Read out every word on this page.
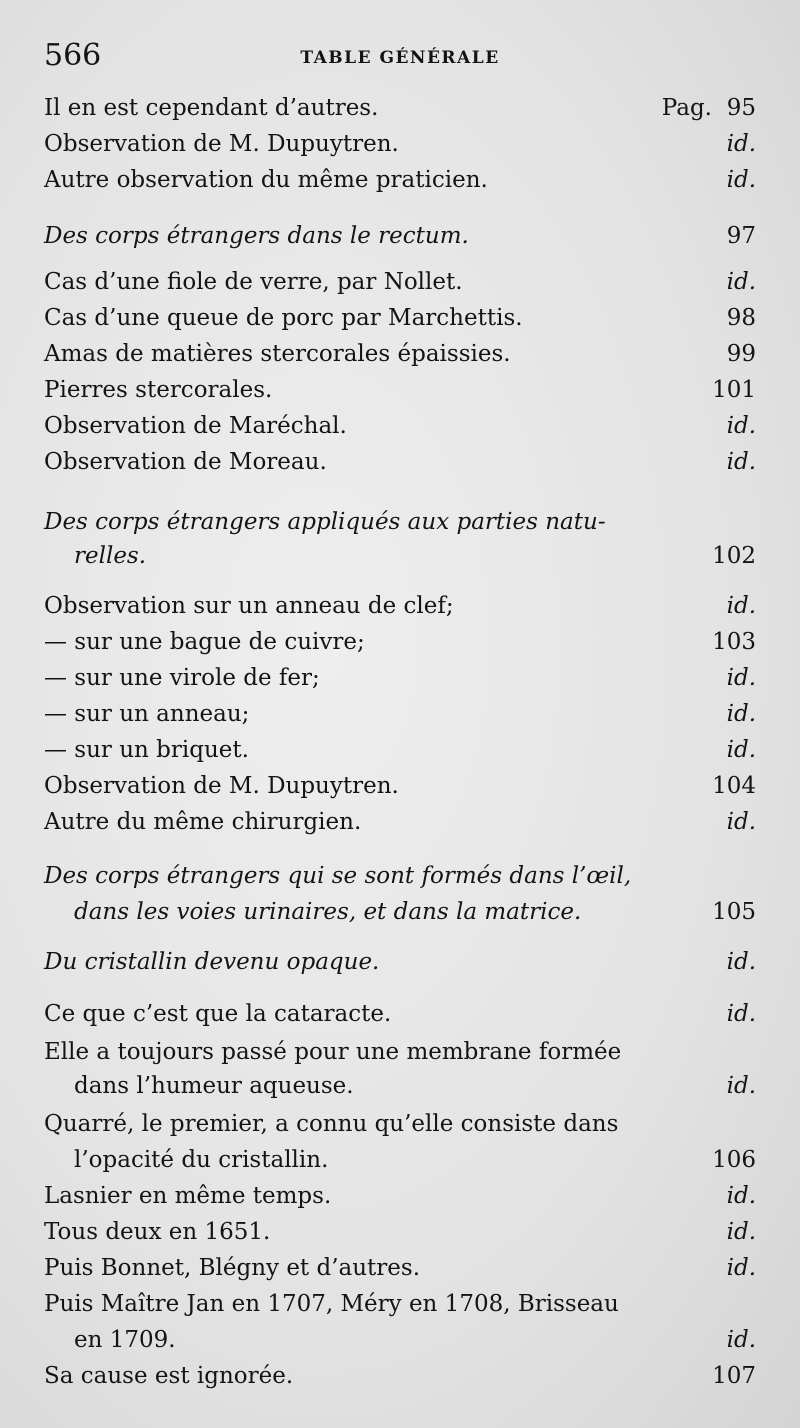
566	TABLE GÉNÉRALE
Il en est cependant d’autres.	Pag. 95
Observation de M. Dupuytren.	id.
Autre observation du même praticien.	id.
Des corps étrangers dans le rectum.	97
Cas d’une fiole de verre, par Nollet.	id.
Cas d’une queue de porc par Marchettis.	98
Amas de matières stercorales épaissies.	99
Pierres stercorales.	101
Observation de Maréchal.	id.
Observation de Moreau.	id.
Des corps étrangers appliqués aux parties natu-
relles.	102
Observation sur un anneau de clef;	id.
— sur une bague de cuivre;	103
— sur une virole de fer;	id.
— sur un anneau;	id.
— sur un briquet.	id.
Observation de M. Dupuytren.	104
Autre du même chirurgien.	id.
Des corps étrangers qui se sont formés dans l’œil,
dans les voies urinaires, et dans la matrice.	105
Du cristallin devenu opaque.	id.
Ce que c’est que la cataracte.	id.
Elle a toujours passé pour une membrane formée
dans l’humeur aqueuse.	id.
Quarré, le premier, a connu qu’elle consiste dans
l’opacité du cristallin.	106
Lasnier en même temps.	id.
Tous deux en 1651.	id.
Puis Bonnet, Blégny et d’autres.	id.
Puis Maître Jan en 1707, Méry en 1708, Brisseau
en 1709.	id.
Sa cause est ignorée.	107
